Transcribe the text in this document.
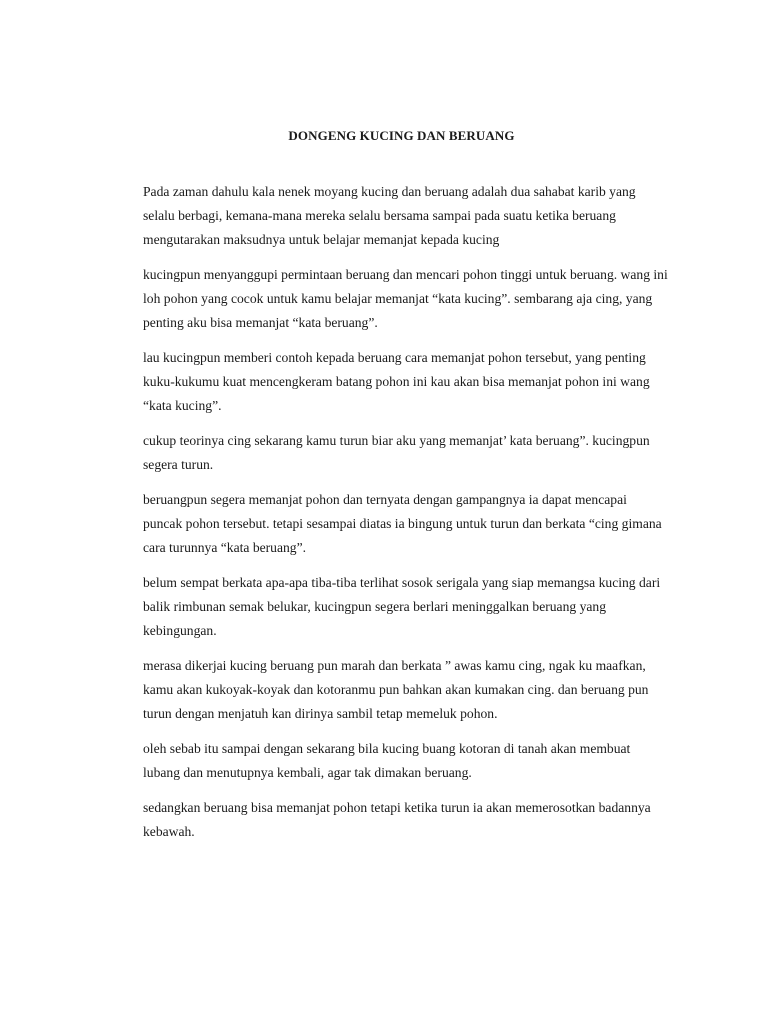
DONGENG KUCING DAN BERUANG

Pada zaman dahulu kala nenek moyang kucing dan beruang adalah dua sahabat karib yang selalu berbagi, kemana-mana mereka selalu bersama sampai pada suatu ketika beruang mengutarakan maksudnya untuk belajar memanjat kepada kucing

kucingpun menyanggupi permintaan beruang dan mencari pohon tinggi untuk beruang. wang ini loh pohon yang cocok untuk kamu belajar memanjat “kata kucing”. sembarang aja cing, yang penting aku bisa memanjat “kata beruang”.

lau kucingpun memberi contoh kepada beruang cara memanjat pohon tersebut, yang penting kuku-kukumu kuat mencengkeram batang pohon ini kau akan bisa memanjat pohon ini wang “kata kucing”.

cukup teorinya cing sekarang kamu turun biar aku yang memanjat’ kata beruang”. kucingpun segera turun.

beruangpun segera memanjat pohon dan ternyata dengan gampangnya ia dapat mencapai puncak pohon tersebut. tetapi sesampai diatas ia bingung untuk turun dan berkata “cing gimana cara turunnya “kata beruang”.

belum sempat berkata apa-apa tiba-tiba terlihat sosok serigala yang siap memangsa kucing dari balik rimbunan semak belukar, kucingpun segera berlari meninggalkan beruang yang kebingungan.

merasa dikerjai kucing beruang pun marah dan berkata ” awas kamu cing, ngak ku maafkan, kamu akan kukoyak-koyak dan kotoranmu pun bahkan akan kumakan cing. dan beruang pun turun dengan menjatuh kan dirinya sambil tetap memeluk pohon.

oleh sebab itu sampai dengan sekarang bila kucing buang kotoran di tanah akan membuat lubang dan menutupnya kembali, agar tak dimakan beruang.

sedangkan beruang bisa memanjat pohon tetapi ketika turun ia akan memerosotkan badannya kebawah.
